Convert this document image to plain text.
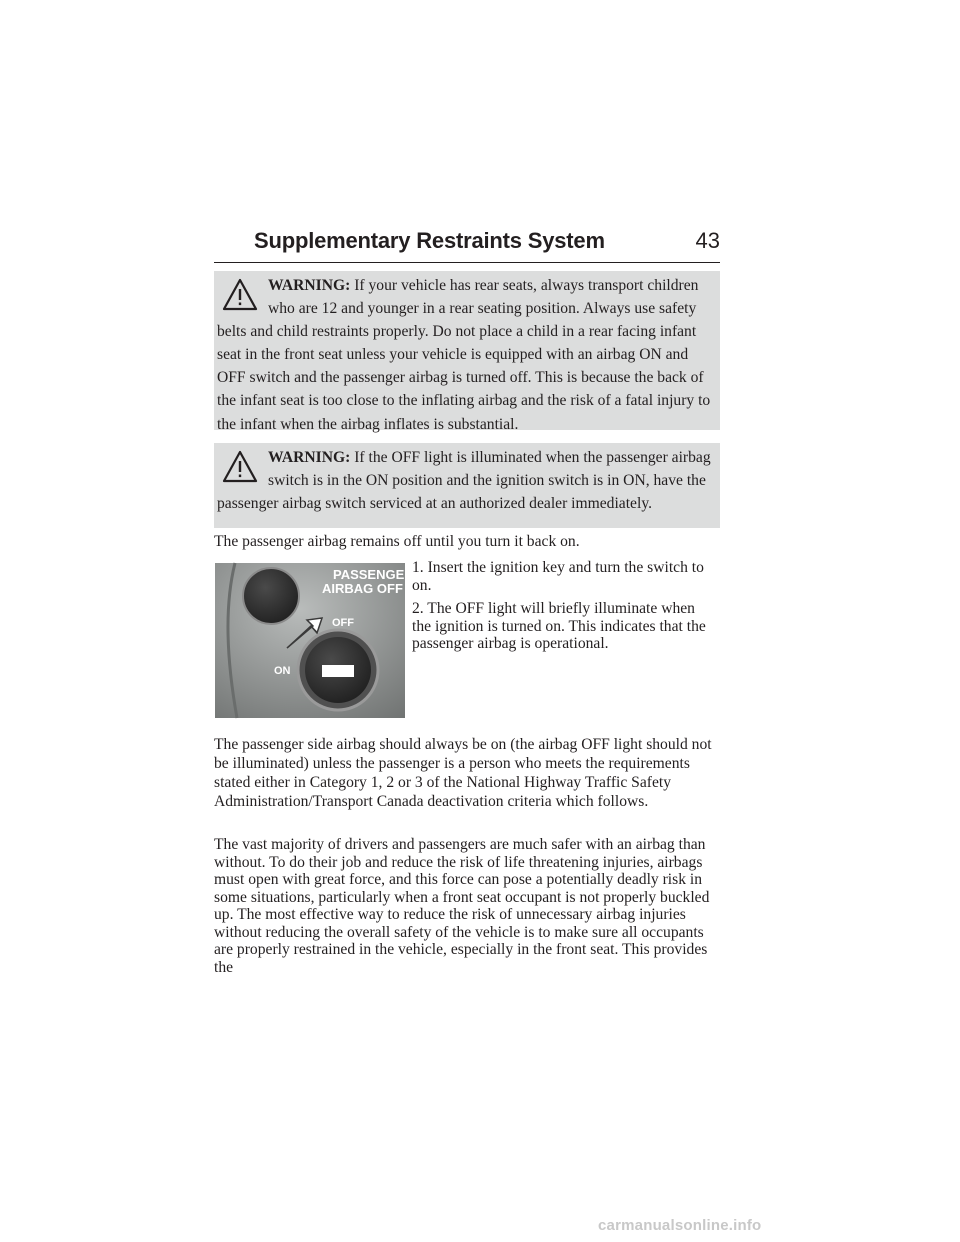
Supplementary Restraints System	43
WARNING: If your vehicle has rear seats, always transport children who are 12 and younger in a rear seating position. Always use safety belts and child restraints properly. Do not place a child in a rear facing infant seat in the front seat unless your vehicle is equipped with an airbag ON and OFF switch and the passenger airbag is turned off. This is because the back of the infant seat is too close to the inflating airbag and the risk of a fatal injury to the infant when the airbag inflates is substantial.
WARNING: If the OFF light is illuminated when the passenger airbag switch is in the ON position and the ignition switch is in ON, have the passenger airbag switch serviced at an authorized dealer immediately.
The passenger airbag remains off until you turn it back on.
PASSENGER
AIRBAG OFF
OFF
ON

1. Insert the ignition key and turn the switch to on.

2. The OFF light will briefly illuminate when the ignition is turned on. This indicates that the passenger airbag is operational.

The passenger side airbag should always be on (the airbag OFF light should not be illuminated) unless the passenger is a person who meets the requirements stated either in Category 1, 2 or 3 of the National Highway Traffic Safety Administration/Transport Canada deactivation criteria which follows.
The vast majority of drivers and passengers are much safer with an airbag than without. To do their job and reduce the risk of life threatening injuries, airbags must open with great force, and this force can pose a potentially deadly risk in some situations, particularly when a front seat occupant is not properly buckled up. The most effective way to reduce the risk of unnecessary airbag injuries without reducing the overall safety of the vehicle is to make sure all occupants are properly restrained in the vehicle, especially in the front seat. This provides the
carmanualsonline.info
